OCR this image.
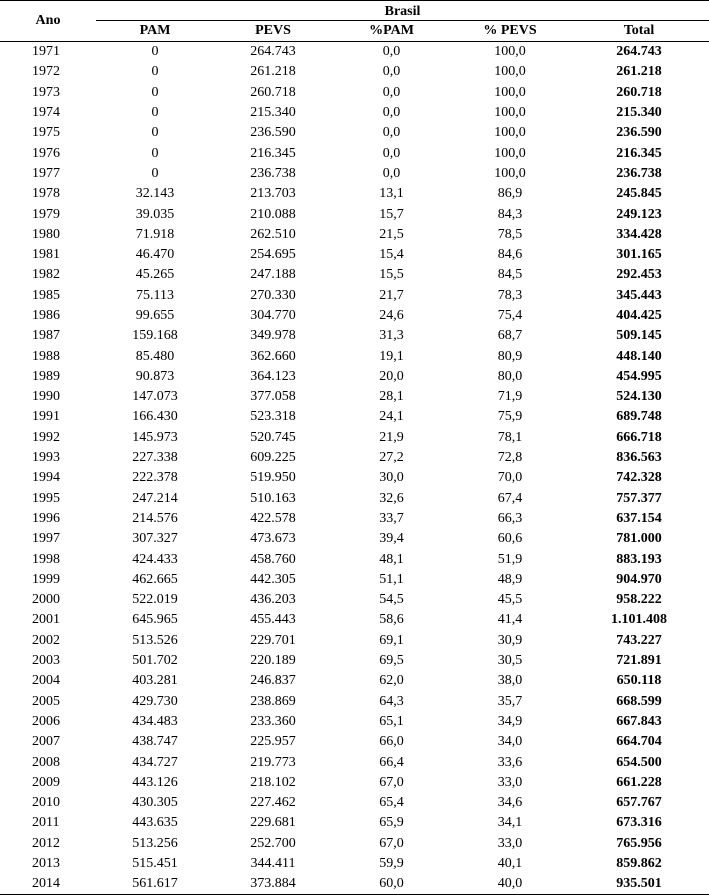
Ano	Brasil				
	PAM	PEVS	%PAM	% PEVS	Total
1971	0	264.743	0,0	100,0	264.743
1972	0	261.218	0,0	100,0	261.218
1973	0	260.718	0,0	100,0	260.718
1974	0	215.340	0,0	100,0	215.340
1975	0	236.590	0,0	100,0	236.590
1976	0	216.345	0,0	100,0	216.345
1977	0	236.738	0,0	100,0	236.738
1978	32.143	213.703	13,1	86,9	245.845
1979	39.035	210.088	15,7	84,3	249.123
1980	71.918	262.510	21,5	78,5	334.428
1981	46.470	254.695	15,4	84,6	301.165
1982	45.265	247.188	15,5	84,5	292.453
1985	75.113	270.330	21,7	78,3	345.443
1986	99.655	304.770	24,6	75,4	404.425
1987	159.168	349.978	31,3	68,7	509.145
1988	85.480	362.660	19,1	80,9	448.140
1989	90.873	364.123	20,0	80,0	454.995
1990	147.073	377.058	28,1	71,9	524.130
1991	166.430	523.318	24,1	75,9	689.748
1992	145.973	520.745	21,9	78,1	666.718
1993	227.338	609.225	27,2	72,8	836.563
1994	222.378	519.950	30,0	70,0	742.328
1995	247.214	510.163	32,6	67,4	757.377
1996	214.576	422.578	33,7	66,3	637.154
1997	307.327	473.673	39,4	60,6	781.000
1998	424.433	458.760	48,1	51,9	883.193
1999	462.665	442.305	51,1	48,9	904.970
2000	522.019	436.203	54,5	45,5	958.222
2001	645.965	455.443	58,6	41,4	1.101.408
2002	513.526	229.701	69,1	30,9	743.227
2003	501.702	220.189	69,5	30,5	721.891
2004	403.281	246.837	62,0	38,0	650.118
2005	429.730	238.869	64,3	35,7	668.599
2006	434.483	233.360	65,1	34,9	667.843
2007	438.747	225.957	66,0	34,0	664.704
2008	434.727	219.773	66,4	33,6	654.500
2009	443.126	218.102	67,0	33,0	661.228
2010	430.305	227.462	65,4	34,6	657.767
2011	443.635	229.681	65,9	34,1	673.316
2012	513.256	252.700	67,0	33,0	765.956
2013	515.451	344.411	59,9	40,1	859.862
2014	561.617	373.884	60,0	40,0	935.501
